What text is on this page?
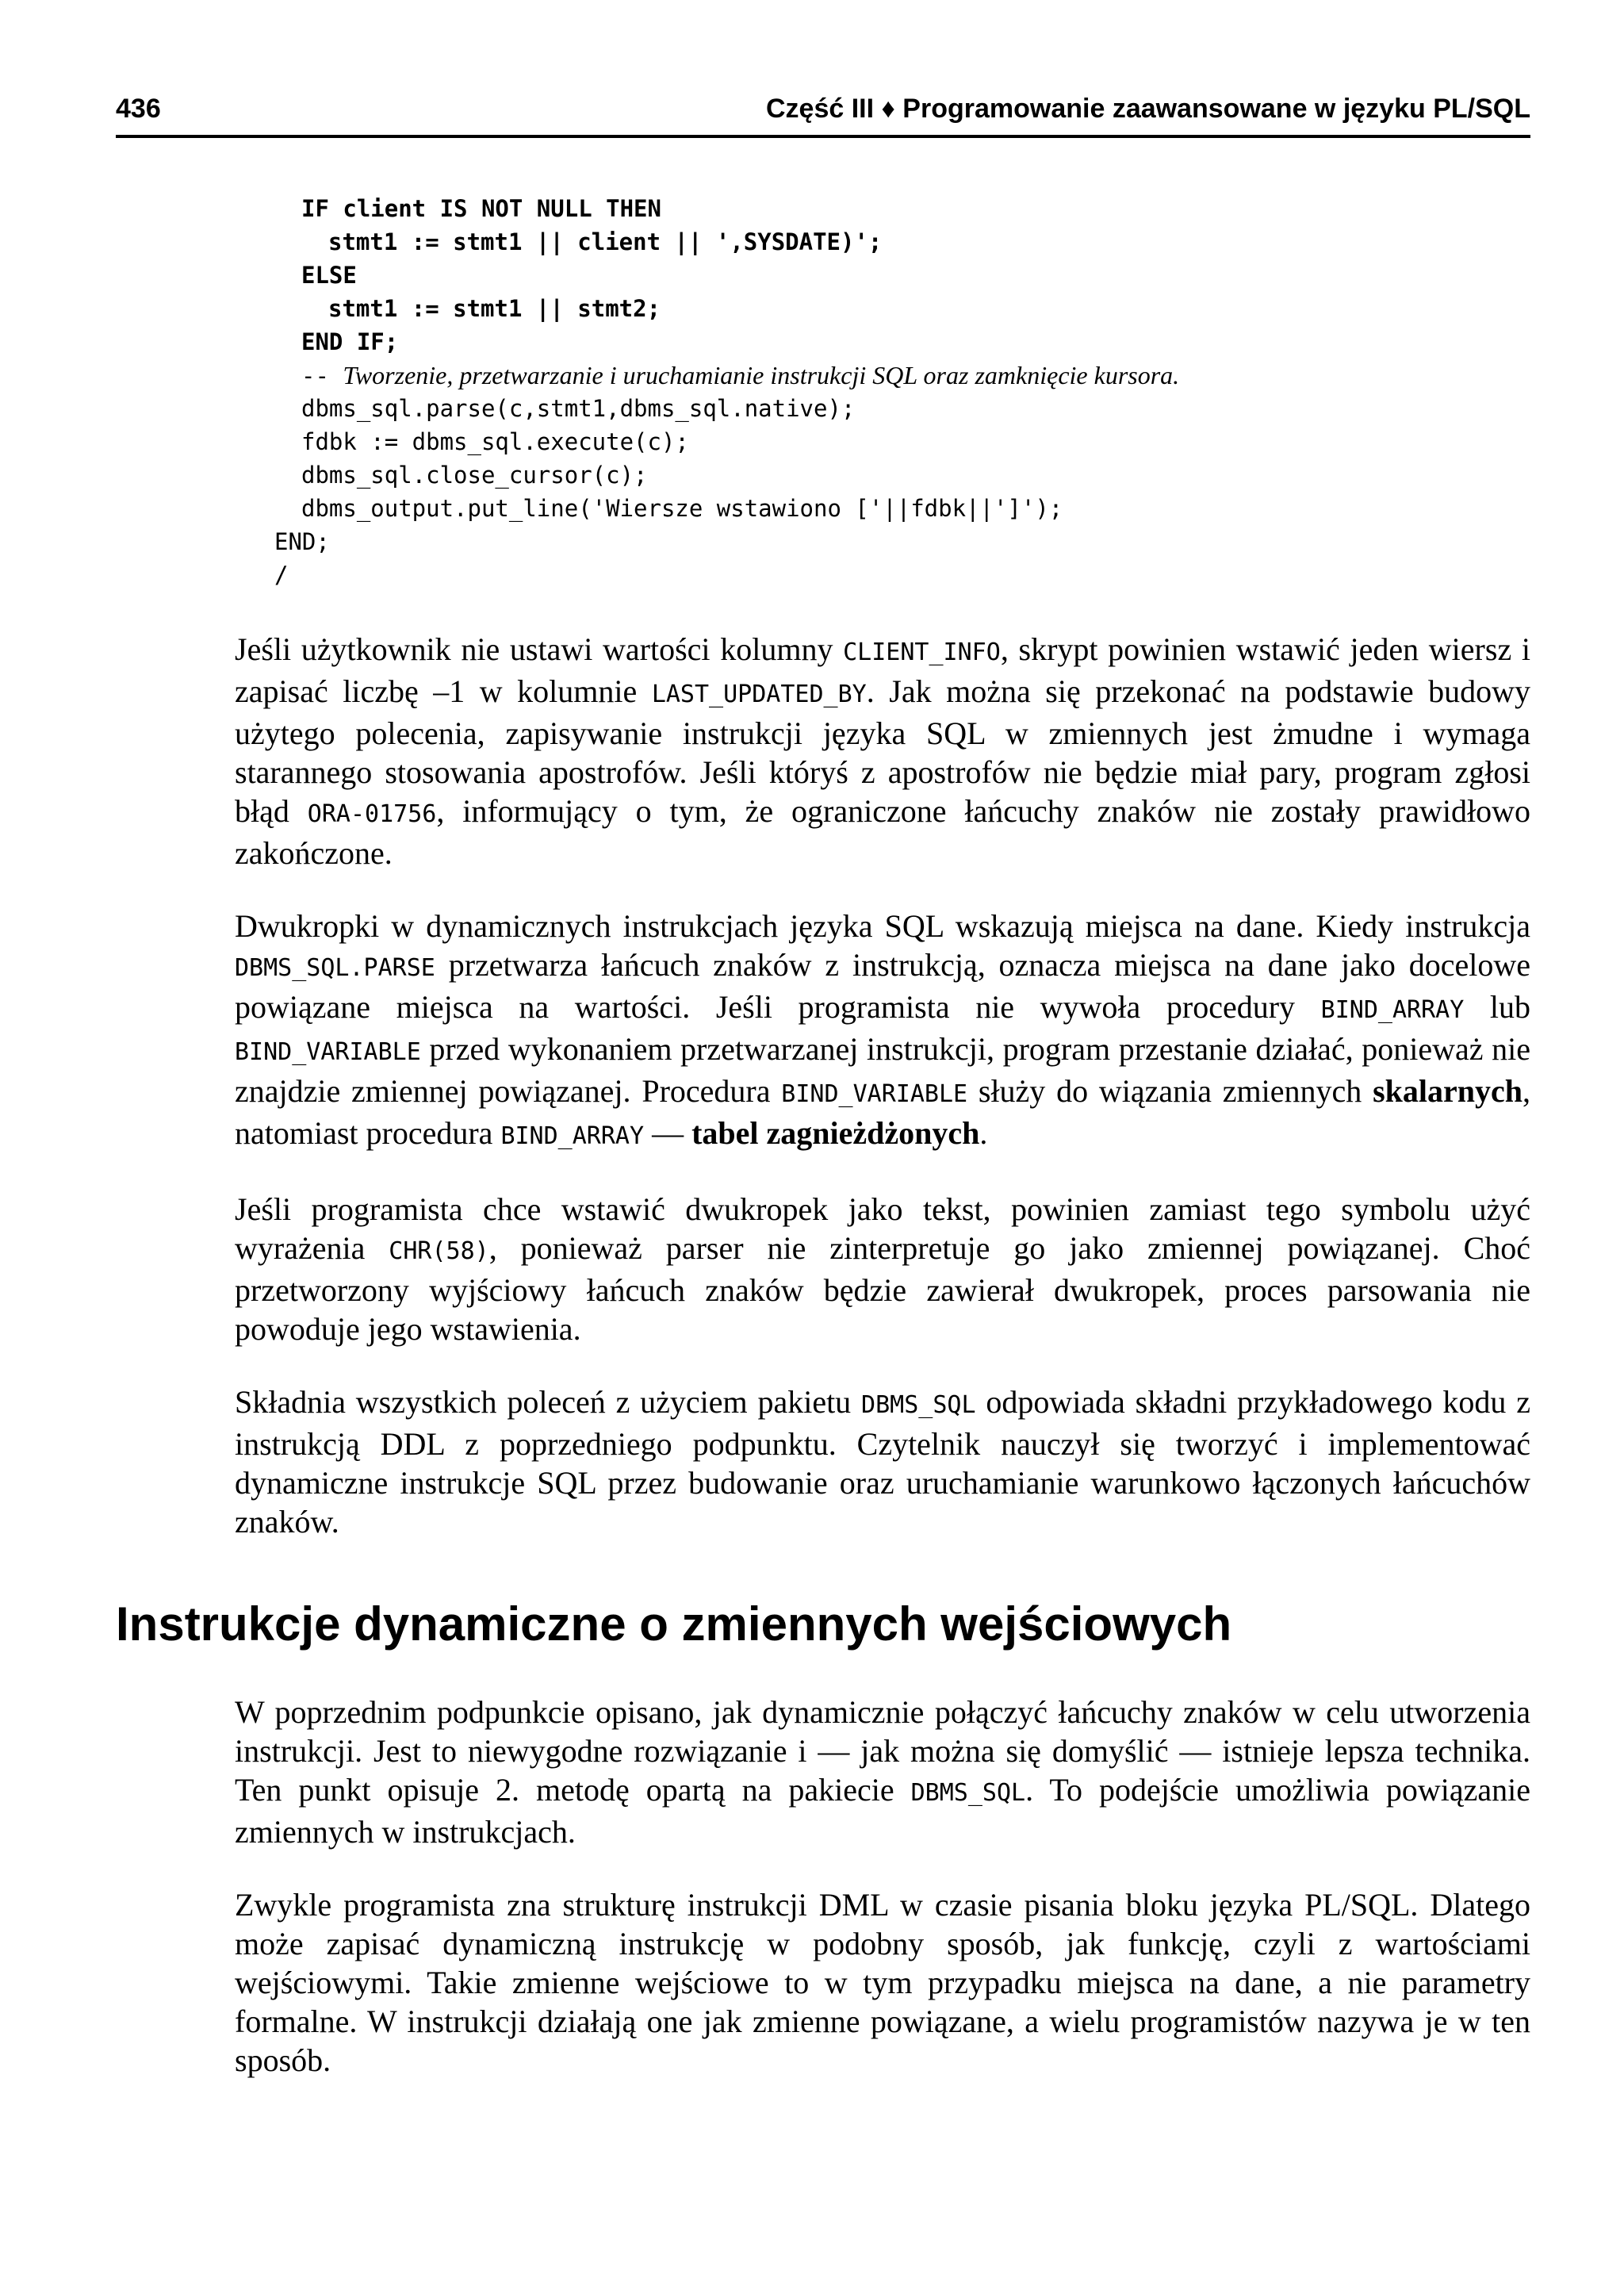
436	Część III ♦ Programowanie zaawansowane w języku PL/SQL
IF client IS NOT NULL THEN
stmt1 := stmt1 || client || ',SYSDATE)';
ELSE
stmt1 := stmt1 || stmt2;
END IF;
-- Tworzenie, przetwarzanie i uruchamianie instrukcji SQL oraz zamknięcie kursora.
dbms_sql.parse(c,stmt1,dbms_sql.native);
fdbk := dbms_sql.execute(c);
dbms_sql.close_cursor(c);
dbms_output.put_line('Wiersze wstawiono ['||fdbk||']');
END;
/

Jeśli użytkownik nie ustawi wartości kolumny CLIENT_INFO, skrypt powinien wstawić jeden wiersz i zapisać liczbę –1 w kolumnie LAST_UPDATED_BY. Jak można się przekonać na podstawie budowy użytego polecenia, zapisywanie instrukcji języka SQL w zmiennych jest żmudne i wymaga starannego stosowania apostrofów. Jeśli któryś z apostrofów nie będzie miał pary, program zgłosi błąd ORA-01756, informujący o tym, że ograniczone łańcuchy znaków nie zostały prawidłowo zakończone.

Dwukropki w dynamicznych instrukcjach języka SQL wskazują miejsca na dane. Kiedy instrukcja DBMS_SQL.PARSE przetwarza łańcuch znaków z instrukcją, oznacza miejsca na dane jako docelowe powiązane miejsca na wartości. Jeśli programista nie wywoła procedury BIND_ARRAY lub BIND_VARIABLE przed wykonaniem przetwarzanej instrukcji, program przestanie działać, ponieważ nie znajdzie zmiennej powiązanej. Procedura BIND_VARIABLE służy do wiązania zmiennych skalarnych, natomiast procedura BIND_ARRAY — tabel zagnieżdżonych.

Jeśli programista chce wstawić dwukropek jako tekst, powinien zamiast tego symbolu użyć wyrażenia CHR(58), ponieważ parser nie zinterpretuje go jako zmiennej powiązanej. Choć przetworzony wyjściowy łańcuch znaków będzie zawierał dwukropek, proces parsowania nie powoduje jego wstawienia.

Składnia wszystkich poleceń z użyciem pakietu DBMS_SQL odpowiada składni przykładowego kodu z instrukcją DDL z poprzedniego podpunktu. Czytelnik nauczył się tworzyć i implementować dynamiczne instrukcje SQL przez budowanie oraz uruchamianie warunkowo łączonych łańcuchów znaków.

Instrukcje dynamiczne o zmiennych wejściowych

W poprzednim podpunkcie opisano, jak dynamicznie połączyć łańcuchy znaków w celu utworzenia instrukcji. Jest to niewygodne rozwiązanie i — jak można się domyślić — istnieje lepsza technika. Ten punkt opisuje 2. metodę opartą na pakiecie DBMS_SQL. To podejście umożliwia powiązanie zmiennych w instrukcjach.

Zwykle programista zna strukturę instrukcji DML w czasie pisania bloku języka PL/SQL. Dlatego może zapisać dynamiczną instrukcję w podobny sposób, jak funkcję, czyli z wartościami wejściowymi. Takie zmienne wejściowe to w tym przypadku miejsca na dane, a nie parametry formalne. W instrukcji działają one jak zmienne powiązane, a wielu programistów nazywa je w ten sposób.
